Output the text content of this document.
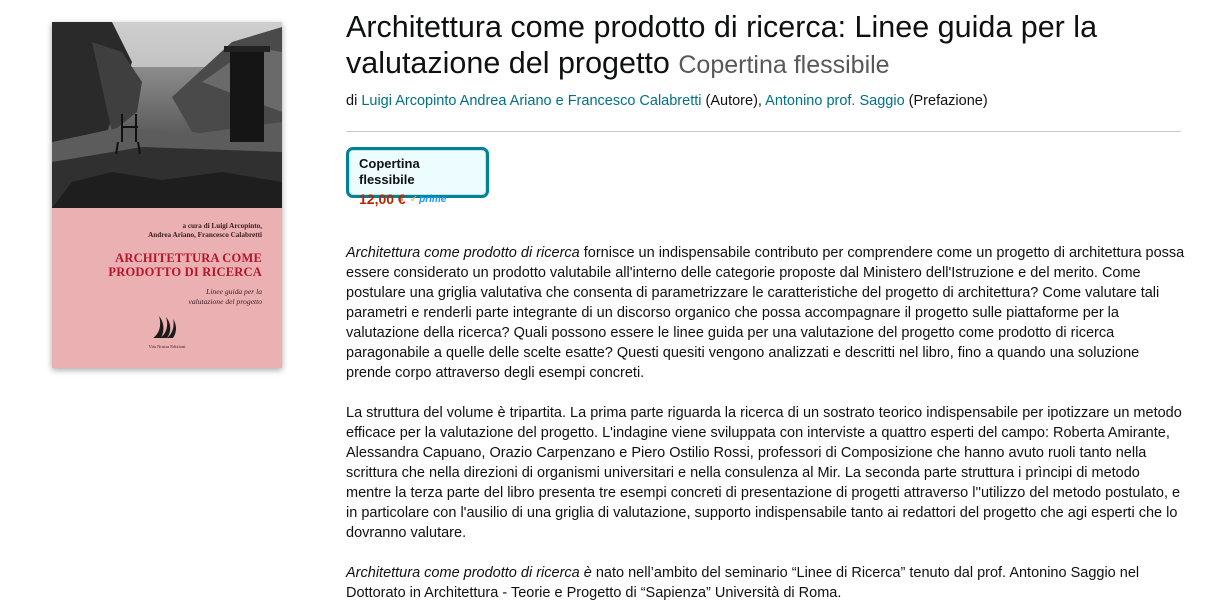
a cura di Luigi Arcopinto,
Andrea Ariano, Francesco Calabretti
ARCHITETTURA COME
PRODOTTO DI RICERCA
Linee guida per la
valutazione del progetto
Vita Nostra Edizioni
Architettura come prodotto di ricerca: Linee guida per la valutazione del progetto Copertina flessibile
di Luigi Arcopinto Andrea Ariano e Francesco Calabretti (Autore), Antonino prof. Saggio (Prefazione)
Copertina flessibile
12,00 € ✓ prime

Architettura come prodotto di ricerca fornisce un indispensabile contributo per comprendere come un progetto di architettura possa essere considerato un prodotto valutabile all'interno delle categorie proposte dal Ministero dell'Istruzione e del merito. Come postulare una griglia valutativa che consenta di parametrizzare le caratteristiche del progetto di architettura? Come valutare tali parametri e renderli parte integrante di un discorso organico che possa accompagnare il progetto sulle piattaforme per la valutazione della ricerca? Quali possono essere le linee guida per una valutazione del progetto come prodotto di ricerca paragonabile a quelle delle scelte esatte? Questi quesiti vengono analizzati e descritti nel libro, fino a quando una soluzione prende corpo attraverso degli esempi concreti.

La struttura del volume è tripartita. La prima parte riguarda la ricerca di un sostrato teorico indispensabile per ipotizzare un metodo efficace per la valutazione del progetto. L'indagine viene sviluppata con interviste a quattro esperti del campo: Roberta Amirante, Alessandra Capuano, Orazio Carpenzano e Piero Ostilio Rossi, professori di Composizione che hanno avuto ruoli tanto nella scrittura che nella direzioni di organismi universitari e nella consulenza al Mir. La seconda parte struttura i prìncipi di metodo mentre la terza parte del libro presenta tre esempi concreti di presentazione di progetti attraverso l''utilizzo del metodo postulato, e in particolare con l'ausilio di una griglia di valutazione, supporto indispensabile tanto ai redattori del progetto che agi esperti che lo dovranno valutare.

Architettura come prodotto di ricerca è nato nell’ambito del seminario “Linee di Ricerca” tenuto dal prof. Antonino Saggio nel Dottorato in Architettura - Teorie e Progetto di “Sapienza” Università di Roma.
